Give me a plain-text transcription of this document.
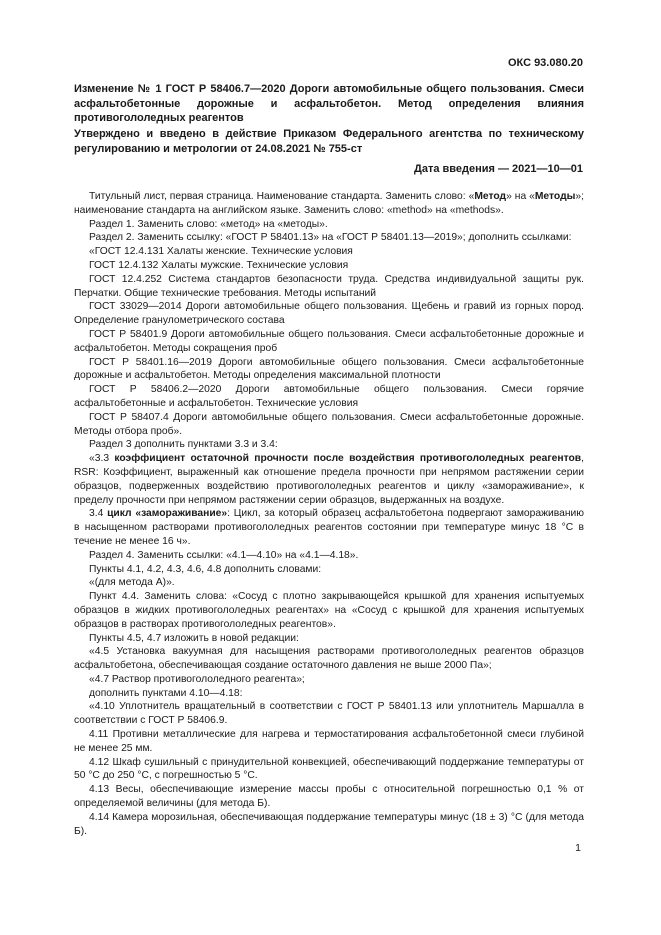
ОКС 93.080.20
Изменение № 1 ГОСТ Р 58406.7—2020 Дороги автомобильные общего пользования. Смеси асфальтобетонные дорожные и асфальтобетон. Метод определения влияния противогололедных реагентов
Утверждено и введено в действие Приказом Федерального агентства по техническому регулированию и метрологии от 24.08.2021 № 755-ст
Дата введения — 2021—10—01

Титульный лист, первая страница. Наименование стандарта. Заменить слово: «Метод» на «Методы»; наименование стандарта на английском языке. Заменить слово: «method» на «methods».

Раздел 1. Заменить слово: «метод» на «методы».

Раздел 2. Заменить ссылку: «ГОСТ Р 58401.13» на «ГОСТ Р 58401.13—2019»; дополнить ссылками:

«ГОСТ 12.4.131 Халаты женские. Технические условия

ГОСТ 12.4.132 Халаты мужские. Технические условия

ГОСТ 12.4.252 Система стандартов безопасности труда. Средства индивидуальной защиты рук. Перчатки. Общие технические требования. Методы испытаний

ГОСТ 33029—2014 Дороги автомобильные общего пользования. Щебень и гравий из горных пород. Определение гранулометрического состава

ГОСТ Р 58401.9 Дороги автомобильные общего пользования. Смеси асфальтобетонные дорожные и асфальтобетон. Методы сокращения проб

ГОСТ Р 58401.16—2019 Дороги автомобильные общего пользования. Смеси асфальтобетонные дорожные и асфальтобетон. Методы определения максимальной плотности

ГОСТ Р 58406.2—2020 Дороги автомобильные общего пользования. Смеси горячие асфальтобетонные и асфальтобетон. Технические условия

ГОСТ Р 58407.4 Дороги автомобильные общего пользования. Смеси асфальтобетонные дорожные. Методы отбора проб».

Раздел 3 дополнить пунктами 3.3 и 3.4:

«3.3 коэффициент остаточной прочности после воздействия противогололедных реагентов, RSR: Коэффициент, выраженный как отношение предела прочности при непрямом растяжении серии образцов, подверженных воздействию противогололедных реагентов и циклу «замораживание», к пределу прочности при непрямом растяжении серии образцов, выдержанных на воздухе.

3.4 цикл «замораживание»: Цикл, за который образец асфальтобетона подвергают замораживанию в насыщенном растворами противогололедных реагентов состоянии при температуре минус 18 °С в течение не менее 16 ч».

Раздел 4. Заменить ссылки: «4.1—4.10» на «4.1—4.18».

Пункты 4.1, 4.2, 4.3, 4.6, 4.8 дополнить словами:

«(для метода А)».

Пункт 4.4. Заменить слова: «Сосуд с плотно закрывающейся крышкой для хранения испытуемых образцов в жидких противогололедных реагентах» на «Сосуд с крышкой для хранения испытуемых образцов в растворах противогололедных реагентов».

Пункты 4.5, 4.7 изложить в новой редакции:

«4.5 Установка вакуумная для насыщения растворами противогололедных реагентов образцов асфальтобетона, обеспечивающая создание остаточного давления не выше 2000 Па»;

«4.7 Раствор противогололедного реагента»;

дополнить пунктами 4.10—4.18:

«4.10 Уплотнитель вращательный в соответствии с ГОСТ Р 58401.13 или уплотнитель Маршалла в соответствии с ГОСТ Р 58406.9.

4.11 Противни металлические для нагрева и термостатирования асфальтобетонной смеси глубиной не менее 25 мм.

4.12 Шкаф сушильный с принудительной конвекцией, обеспечивающий поддержание температуры от 50 °С до 250 °С, с погрешностью 5 °С.

4.13 Весы, обеспечивающие измерение массы пробы с относительной погрешностью 0,1 % от определяемой величины (для метода Б).

4.14 Камера морозильная, обеспечивающая поддержание температуры минус (18 ± 3) °С (для метода Б).

1
